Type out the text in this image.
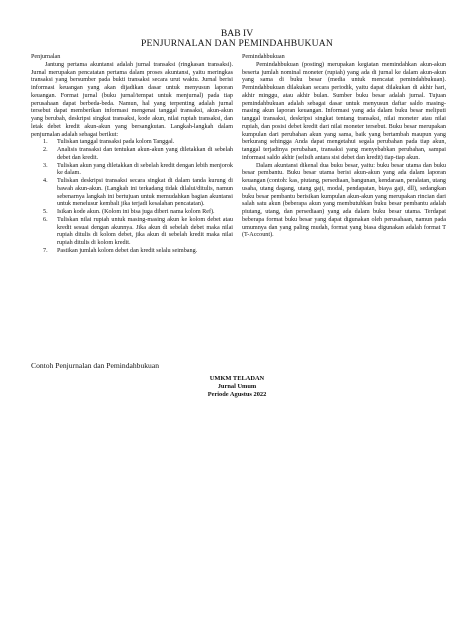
BAB IV
PENJURNALAN DAN PEMINDAHBUKUAN

Penjurnalan

Jantung pertama akuntansi adalah jurnal transaksi (ringkasan transaksi). Jurnal merupakan pencatatan pertama dalam proses akuntansi, yaitu meringkas transaksi yang bersumber pada bukti transaksi secara urut waktu. Jurnal berisi informasi keuangan yang akan dijadikan dasar untuk menyusun laporan keuangan. Format jurnal (buku jurnal/tempat untuk menjurnal) pada tiap perusahaan dapat berbeda-beda. Namun, hal yang terpenting adalah jurnal tersebut dapat memberikan informasi mengenai tanggal transaksi, akun-akun yang berubah, deskripsi singkat transaksi, kode akun, nilai rupiah transaksi, dan letak debet kredit akun-akun yang bersangkutan. Langkah-langkah dalam penjurnalan adalah sebagai berikut:

1. Tuliskan tanggal transaksi pada kolom Tanggal.
2. Analisis transaksi dan tentukan akun-akun yang diletakkan di sebelah debet dan kredit.
3. Tuliskan akun yang diletakkan di sebelah kredit dengan lebih menjorok ke dalam.
4. Tuliskan deskripsi transaksi secara singkat di dalam tanda kurung di bawah akun-akun. (Langkah ini terkadang tidak dilalui/ditulis, namun sebenarnya langkah ini bertujuan untuk memudahkan bagian akuntansi untuk menelusur kembali jika terjadi kesalahan pencatatan).
5. Isikan kode akun. (Kolom ini bisa juga diberi nama kolom Ref).
6. Tuliskan nilai rupiah untuk masing-masing akun ke kolom debet atau kredit sesuai dengan akunnya. Jika akun di sebelah debet maka nilai rupiah ditulis di kolom debet, jika akun di sebelah kredit maka nilai rupiah ditulis di kolom kredit.
7. Pastikan jumlah kolom debet dan kredit selalu seimbang.

Pemindahbukuan

Pemindahbukuan (posting) merupakan kegiatan memindahkan akun-akun beserta jumlah nominal moneter (rupiah) yang ada di jurnal ke dalam akun-akun yang sama di buku besar (media untuk mencatat pemindahbukuan). Pemindahbukuan dilakukan secara periodik, yaitu dapat dilakukan di akhir hari, akhir minggu, atau akhir bulan. Sumber buku besar adalah jurnal. Tujuan pemindahbukuan adalah sebagai dasar untuk menyusun daftar saldo masing-masing akun laporan keuangan. Informasi yang ada dalam buku besar meliputi tanggal transaksi, deskripsi singkat tentang transaksi, nilai moneter atau nilai rupiah, dan posisi debet kredit dari nilai moneter tersebut. Buku besar merupakan kumpulan dari perubahan akun yang sama, baik yang bertambah maupun yang berkurang sehingga Anda dapat mengetahui segala perubahan pada tiap akun, tanggal terjadinya perubahan, transaksi yang menyebabkan perubahan, sampai informasi saldo akhir (selisih antara sisi debet dan kredit) tiap-tiap akun.

Dalam akuntansi dikenal dua buku besar, yaitu: buku besar utama dan buku besar pembantu. Buku besar utama berisi akun-akun yang ada dalam laporan keuangan (contoh: kas, piutang, persediaan, bangunan, kendaraan, peralatan, utang usaha, utang dagang, utang gaji, modal, pendapatan, biaya gaji, dll), sedangkan buku besar pembantu berisikan kumpulan akun-akun yang merupakan rincian dari salah satu akun (beberapa akun yang membutuhkan buku besar pembantu adalah piutang, utang, dan persediaan) yang ada dalam buku besar utama. Terdapat beberapa format buku besar yang dapat digunakan oleh perusahaan, namun pada umumnya dan yang paling mudah, format yang biasa digunakan adalah format T (T-Account).

Contoh Penjurnalan dan Pemindahbukuan
UMKM TELADAN
Jurnal Umum
Periode Agustus 2022
